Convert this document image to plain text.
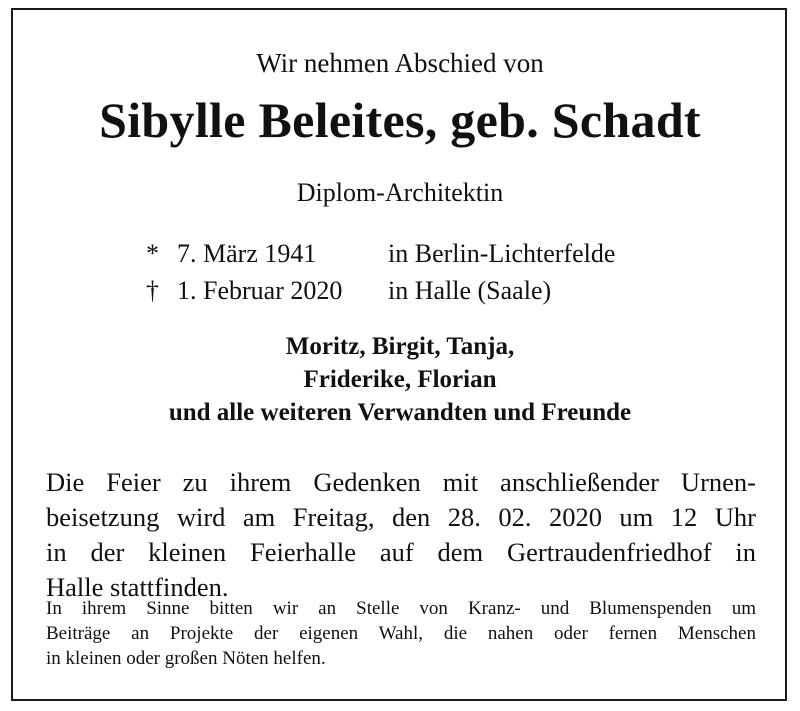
Wir nehmen Abschied von
Sibylle Beleites, geb. Schadt
Diplom-Architektin
*	7. März 1941	in Berlin-Lichterfelde
†	1. Februar 2020	in Halle (Saale)
Moritz, Birgit, Tanja,
Friderike, Florian
und alle weiteren Verwandten und Freunde
Die Feier zu ihrem Gedenken mit anschließender Urnen-
beisetzung wird am Freitag, den 28. 02. 2020 um 12 Uhr
in der kleinen Feierhalle auf dem Gertraudenfriedhof in
Halle stattfinden.
In ihrem Sinne bitten wir an Stelle von Kranz- und Blumenspenden um
Beiträge an Projekte der eigenen Wahl, die nahen oder fernen Menschen
in kleinen oder großen Nöten helfen.
